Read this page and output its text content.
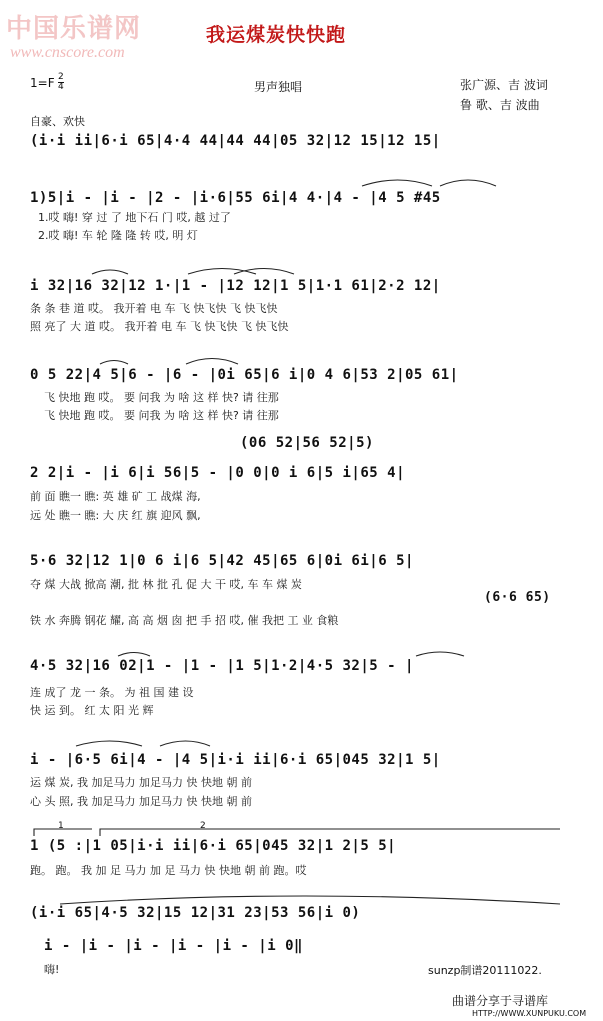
中国乐谱网
www.cnscore.com
我运煤炭快快跑
$1=F \frac{2}{4}$	男声独唱	张广源、吉 波词
鲁 歌、吉 波曲
自豪、欢快
(i·i ii|6·i 65|4·4 44|44 44|05 32|12 15|12 15|
1)5|i - |i - |2 - |i·6|55 6i|4 4·|4 - |4 5 #45
1.哎 嗨! 穿 过 了 地下石 门 哎, 越 过了
2.哎 嗨! 车 轮 隆 隆 转 哎, 明 灯
i 32|16 32|12 1·|1 - |12 12|1 5|1·1 61|2·2 12|
条 条 巷 道 哎。 我开着 电 车 飞 快飞快 飞 快飞快
照 亮了 大 道 哎。 我开着 电 车 飞 快飞快 飞 快飞快
0 5 22|4 5|6 - |6 - |0i 65|6 i|0 4 6|53 2|05 61|
飞 快地 跑 哎。 要 问我 为 啥 这 样 快? 请 往那
飞 快地 跑 哎。 要 问我 为 啥 这 样 快? 请 往那
(06 52|56 52|5)
2 2|i - |i 6|i 56|5 - |0 0|0 i 6|5 i|65 4|
前 面 瞧一 瞧: 英 雄 矿 工 战煤 海,
远 处 瞧一 瞧: 大 庆 红 旗 迎风 飘,
5·6 32|12 1|0 6 i|6 5|42 45|65 6|0i 6i|6 5|
夺 煤 大战 掀高 潮, 批 林 批 孔 促 大 干 哎, 车 车 煤 炭
(6·6 65)
铁 水 奔腾 钢花 耀, 高 高 烟 囱 把 手 招 哎, 催 我把 工 业 食粮
4·5 32|16 02|1 - |1 - |1 5|1·2|4·5 32|5 - |
连 成了 龙 一 条。 为 祖 国 建 设
快 运 到。 红 太 阳 光 辉
i - |6·5 6i|4 - |4 5|i·i ii|6·i 65|045 32|1 5|
运 煤 炭, 我 加足马力 加足马力 快 快地 朝 前
心 头 照, 我 加足马力 加足马力 快 快地 朝 前
1	2
1 (5 :|1 05|i·i ii|6·i 65|045 32|1 2|5 5|
跑。 跑。 我 加 足 马力 加 足 马力 快 快地 朝 前 跑。哎
(i·i 65|4·5 32|15 12|31 23|53 56|i 0)
i - |i - |i - |i - |i - |i 0‖
嗨!	sunzp制谱20111022.
曲谱分享于寻谱库
HTTP://WWW.XUNPUKU.COM
